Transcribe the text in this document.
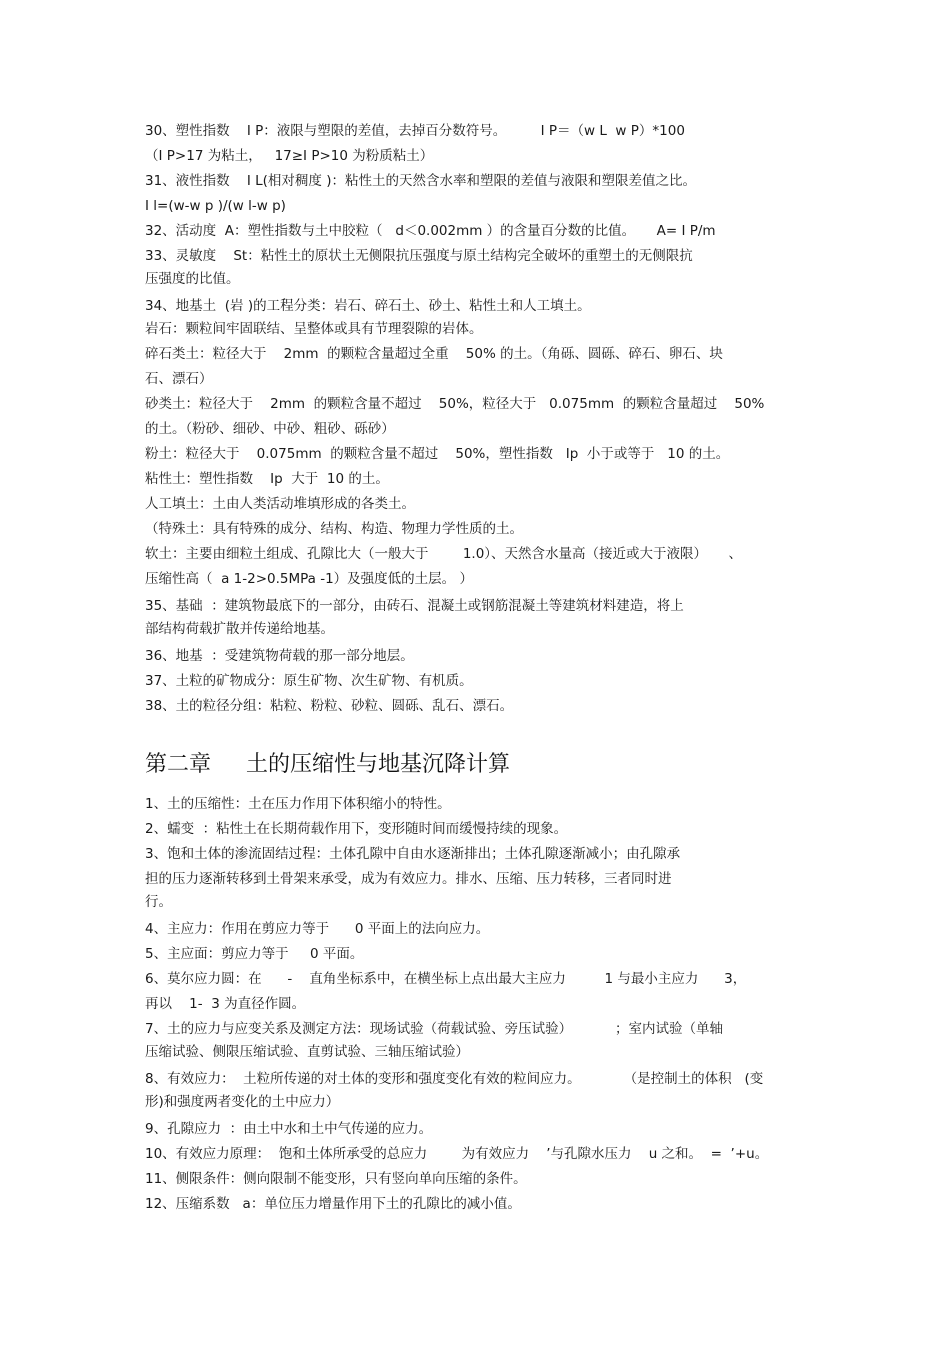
30、塑性指数    I P：液限与塑限的差值，去掉百分数符号。        I P＝（w L  w P）*100
（I P>17 为粘土，   17≥I P>10 为粉质粘土）
31、液性指数    I L(相对稠度 )：粘性土的天然含水率和塑限的差值与液限和塑限差值之比。
I l=(w-w p )/(w l-w p)
32、活动度  A：塑性指数与土中胶粒（   d＜0.002mm ）的含量百分数的比值。     A= I P/m
33、灵敏度    St：粘性土的原状土无侧限抗压强度与原土结构完全破坏的重塑土的无侧限抗
压强度的比值。
34、地基土  (岩 )的工程分类：岩石、碎石土、砂土、粘性土和人工填土。
岩石：颗粒间牢固联结、呈整体或具有节理裂隙的岩体。
碎石类土：粒径大于    2mm  的颗粒含量超过全重    50% 的土。（角砾、圆砾、碎石、卵石、块
石、漂石）
砂类土：粒径大于    2mm  的颗粒含量不超过    50%，粒径大于   0.075mm  的颗粒含量超过    50%
的土。（粉砂、细砂、中砂、粗砂、砾砂）
粉土：粒径大于    0.075mm  的颗粒含量不超过    50%，塑性指数   Ip  小于或等于   10 的土。
粘性土：塑性指数    Ip  大于  10 的土。
人工填土：土由人类活动堆填形成的各类土。
（特殊土：具有特殊的成分、结构、构造、物理力学性质的土。
软土：主要由细粒土组成、孔隙比大（一般大于        1.0）、天然含水量高（接近或大于液限）     、
压缩性高（  a 1-2>0.5MPa -1）及强度低的土层。 ）
35、基础  ：建筑物最底下的一部分，由砖石、混凝土或钢筋混凝土等建筑材料建造，将上
部结构荷载扩散并传递给地基。
36、地基  ：受建筑物荷载的那一部分地层。
37、土粒的矿物成分：原生矿物、次生矿物、有机质。
38、土的粒径分组：粘粒、粉粒、砂粒、圆砾、乱石、漂石。
第二章     土的压缩性与地基沉降计算
1、土的压缩性：土在压力作用下体积缩小的特性。
2、蠕变  ：粘性土在长期荷载作用下，变形随时间而缓慢持续的现象。
3、饱和土体的渗流固结过程：土体孔隙中自由水逐渐排出；土体孔隙逐渐减小；由孔隙承
担的压力逐渐转移到土骨架来承受，成为有效应力。排水、压缩、压力转移，三者同时进
行。
4、主应力：作用在剪应力等于      0 平面上的法向应力。
5、主应面：剪应力等于     0 平面。
6、莫尔应力圆：在      -    直角坐标系中，在横坐标上点出最大主应力         1 与最小主应力      3，
再以    1-  3 为直径作圆。
7、土的应力与应变关系及测定方法：现场试验（荷载试验、旁压试验）          ；室内试验（单轴
压缩试验、侧限压缩试验、直剪试验、三轴压缩试验）
8、有效应力：  土粒所传递的对土体的变形和强度变化有效的粒间应力。          （是控制土的体积   (变
形)和强度两者变化的土中应力）
9、孔隙应力  ：由土中水和土中气传递的应力。
10、有效应力原理：  饱和土体所承受的总应力        为有效应力    ’与孔隙水压力    u 之和。  =  ’+u。
11、侧限条件：侧向限制不能变形，只有竖向单向压缩的条件。
12、压缩系数   a：单位压力增量作用下土的孔隙比的减小值。
